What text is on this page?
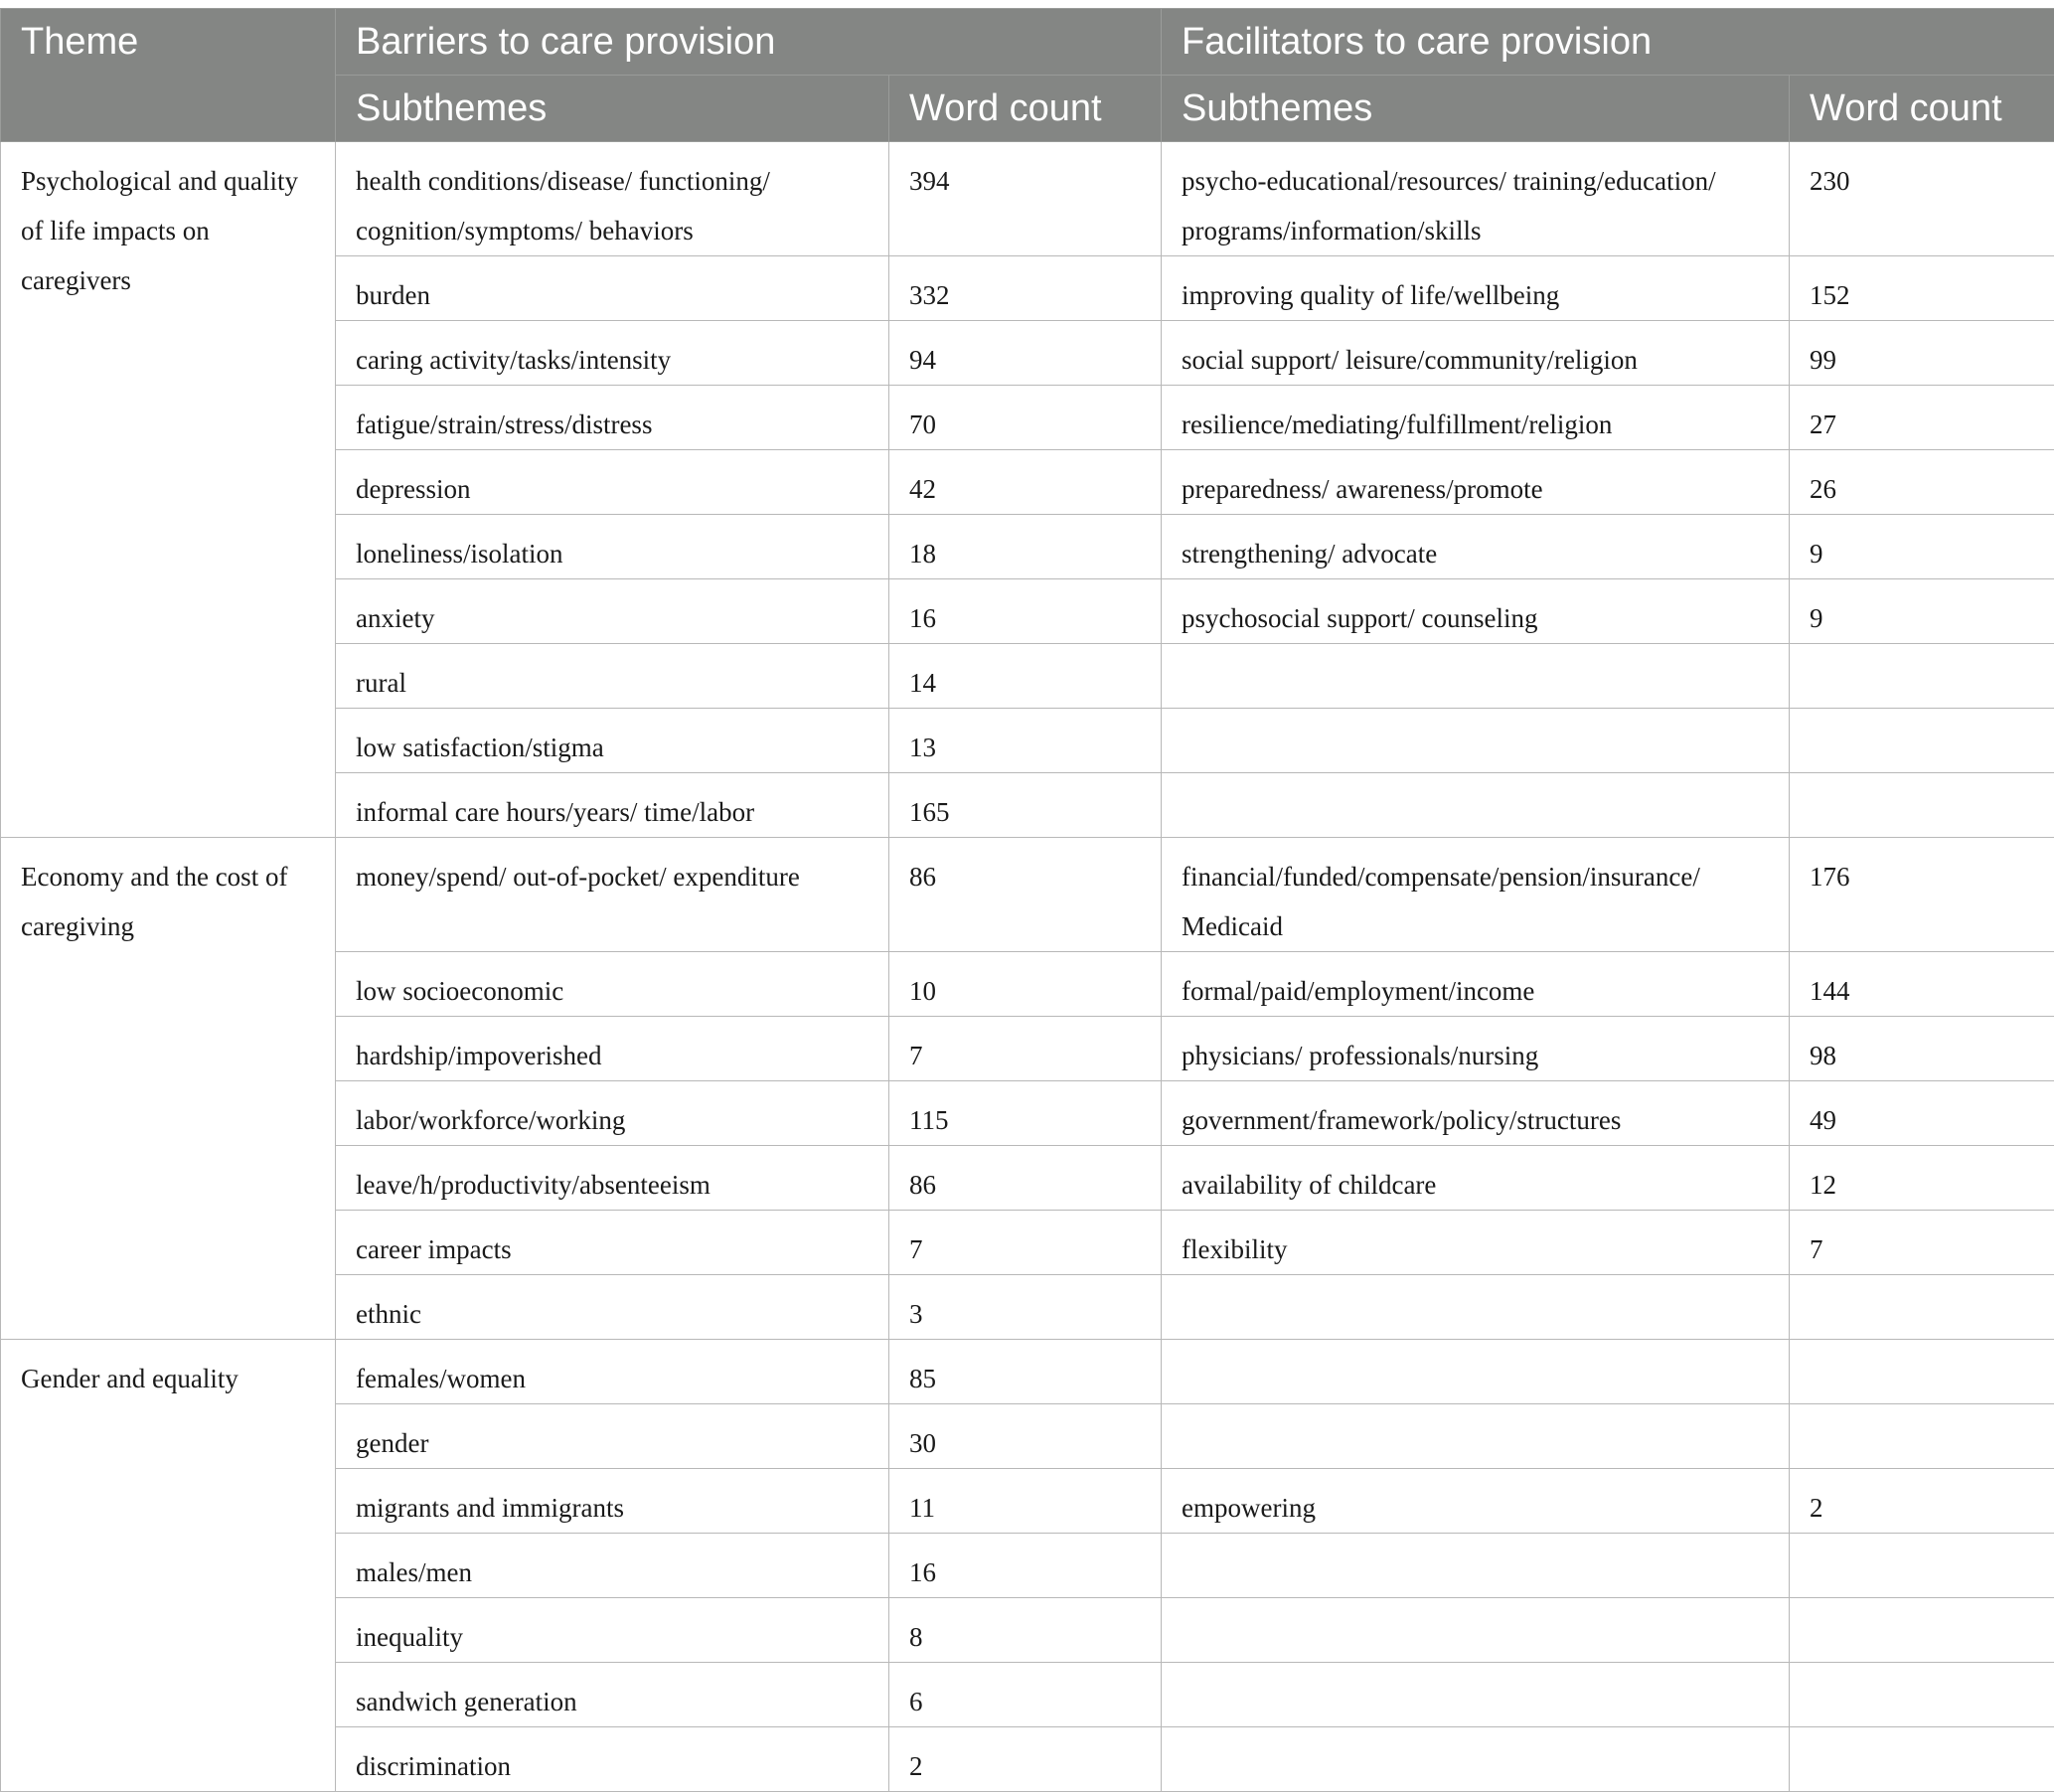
Theme	Barriers to care provision		Facilitators to care provision	
	Subthemes	Word count	Subthemes	Word count
Psychological and quality of life impacts on caregivers	health conditions/disease/ functioning/ cognition/symptoms/ behaviors	394	psycho-educational/resources/ training/education/ programs/information/skills	230
	burden	332	improving quality of life/wellbeing	152
	caring activity/tasks/intensity	94	social support/ leisure/community/religion	99
	fatigue/strain/stress/distress	70	resilience/mediating/fulfillment/religion	27
	depression	42	preparedness/ awareness/promote	26
	loneliness/isolation	18	strengthening/ advocate	9
	anxiety	16	psychosocial support/ counseling	9
	rural	14		
	low satisfaction/stigma	13		
	informal care hours/years/ time/labor	165		
Economy and the cost of caregiving	money/spend/ out-of-pocket/ expenditure	86	financial/funded/compensate/pension/insurance/ Medicaid	176
	low socioeconomic	10	formal/paid/employment/income	144
	hardship/impoverished	7	physicians/ professionals/nursing	98
	labor/workforce/working	115	government/framework/policy/structures	49
	leave/h/productivity/absenteeism	86	availability of childcare	12
	career impacts	7	flexibility	7
	ethnic	3		
Gender and equality	females/women	85		
	gender	30		
	migrants and immigrants	11	empowering	2
	males/men	16		
	inequality	8		
	sandwich generation	6		
	discrimination	2		
